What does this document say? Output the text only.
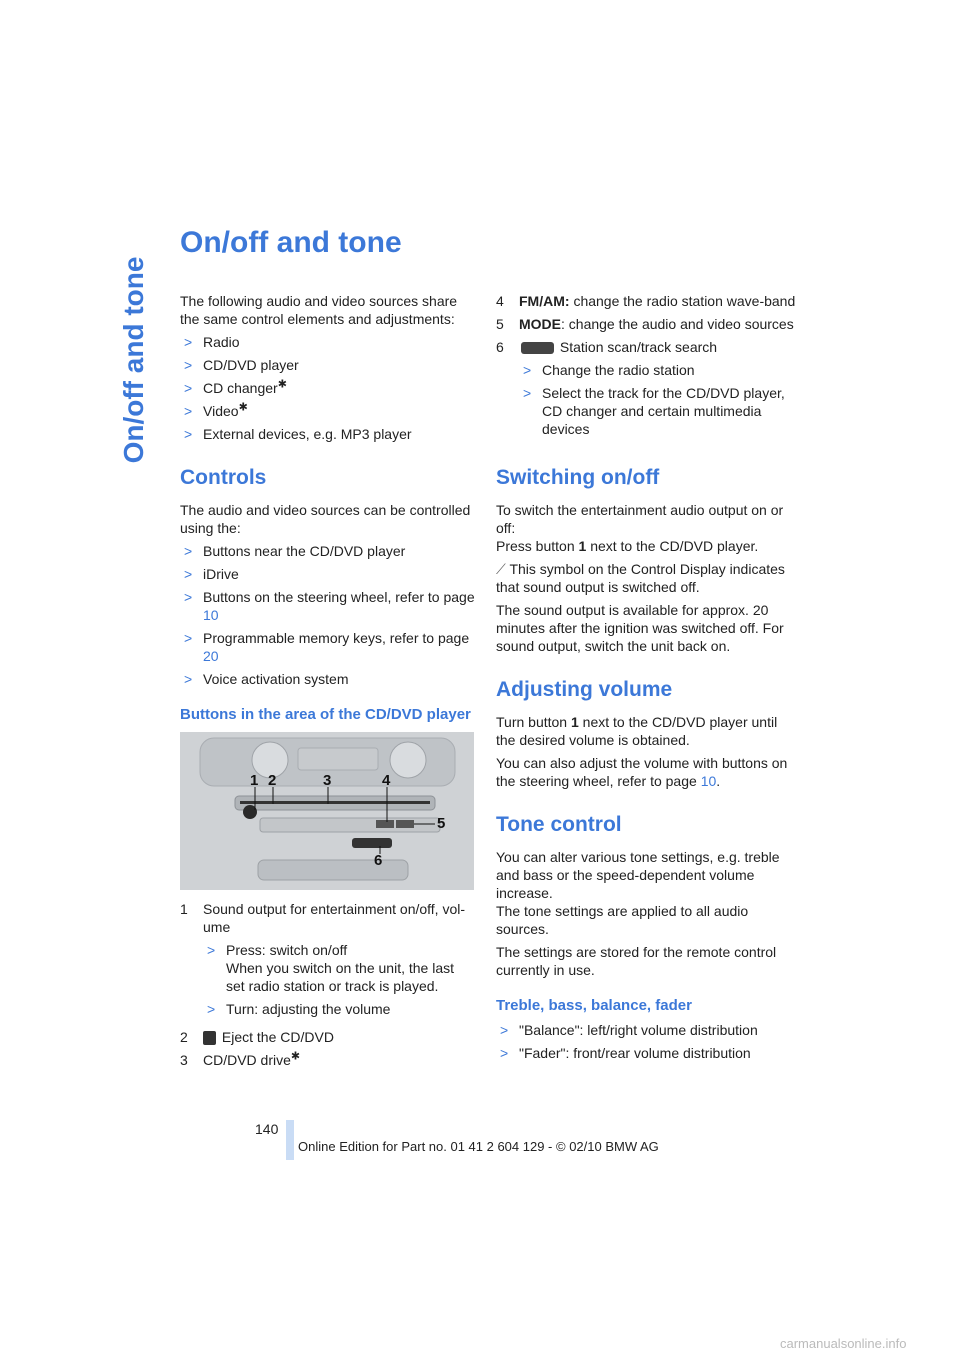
On/off and tone
On/off and tone

The following audio and video sources share the same control elements and adjustments:

> Radio
> CD/DVD player
> CD changer✱
> Video✱
> External devices, e.g. MP3 player
Controls

The audio and video sources can be controlled using the:

> Buttons near the CD/DVD player
> iDrive
> Buttons on the steering wheel, refer to page 10
> Programmable memory keys, refer to page 20
> Voice activation system
Buttons in the area of the CD/DVD player
1 2	3	4
5
6
1	Sound output for entertainment on/off, vol-ume
> Press: switch on/off
When you switch on the unit, the last set radio station or track is played.
> Turn: adjusting the volume
2	Eject the CD/DVD
3	CD/DVD drive✱
4	FM/AM: change the radio station wave-band
5	MODE: change the audio and video sources
6	Station scan/track search
> Change the radio station
> Select the track for the CD/DVD player, CD changer and certain multimedia devices
Switching on/off

To switch the entertainment audio output on or off:
Press button 1 next to the CD/DVD player.

⟋ This symbol on the Control Display indicates that sound output is switched off.

The sound output is available for approx. 20 minutes after the ignition was switched off. For sound output, switch the unit back on.

Adjusting volume

Turn button 1 next to the CD/DVD player until the desired volume is obtained.

You can also adjust the volume with buttons on the steering wheel, refer to page 10.

Tone control

You can alter various tone settings, e.g. treble and bass or the speed-dependent volume increase.
The tone settings are applied to all audio sources.

The settings are stored for the remote control currently in use.

Treble, bass, balance, fader
> "Balance": left/right volume distribution
> "Fader": front/rear volume distribution
140
Online Edition for Part no. 01 41 2 604 129 - © 02/10 BMW AG
carmanualsonline.info
